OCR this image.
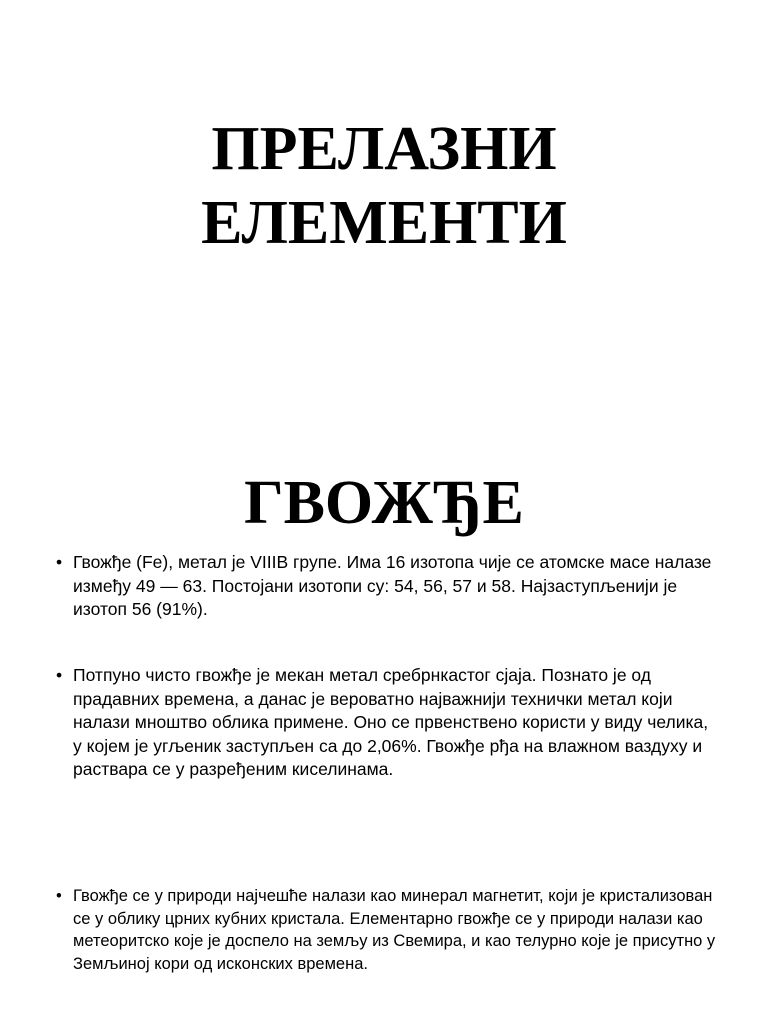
ПРЕЛАЗНИ
ЕЛЕМЕНТИ
ГВОЖЂЕ

• Гвожђе (Fe), метал је VIIIB групе. Има 16 изотопа чије се атомске масе налазе између 49 — 63. Постојани изотопи су: 54, 56, 57 и 58. Најзаступљенији је изотоп 56 (91%).

• Потпуно чисто гвожђе је мекан метал сребрнкастог сјаја. Познато је од прадавних времена, а данас је вероватно најважнији технички метал који налази мноштво облика примене. Оно се првенствено користи у виду челика, у којем је угљеник заступљен са до 2,06%. Гвожђе рђа на влажном ваздуху и раствара се у разређеним киселинама.

• Гвожђе се у природи најчешће налази као минерал магнетит, који је кристализован се у облику црних кубних кристала. Елементарно гвожђе се у природи налази као метеоритско које је доспело на земљу из Свемира, и као телурно које је присутно у Земљиној кори од исконских времена.
